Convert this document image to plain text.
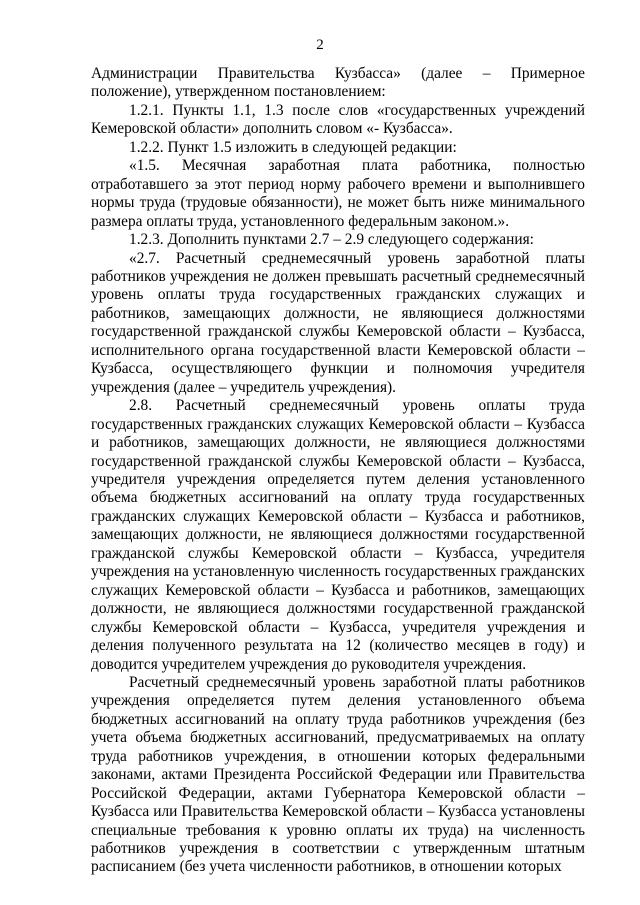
2

Администрации Правительства Кузбасса» (далее – Примерное положение), утвержденном постановлением:

1.2.1. Пункты 1.1, 1.3 после слов «государственных учреждений Кемеровской области» дополнить словом «- Кузбасса».

1.2.2. Пункт 1.5 изложить в следующей редакции:

«1.5. Месячная заработная плата работника, полностью отработавшего за этот период норму рабочего времени и выполнившего нормы труда (трудовые обязанности), не может быть ниже минимального размера оплаты труда, установленного федеральным законом.».

1.2.3. Дополнить пунктами 2.7 – 2.9 следующего содержания:

«2.7. Расчетный среднемесячный уровень заработной платы работников учреждения не должен превышать расчетный среднемесячный уровень оплаты труда государственных гражданских служащих и работников, замещающих должности, не являющиеся должностями государственной гражданской службы Кемеровской области – Кузбасса, исполнительного органа государственной власти Кемеровской области – Кузбасса, осуществляющего функции и полномочия учредителя учреждения (далее – учредитель учреждения).

2.8. Расчетный среднемесячный уровень оплаты труда государственных гражданских служащих Кемеровской области – Кузбасса и работников, замещающих должности, не являющиеся должностями государственной гражданской службы Кемеровской области – Кузбасса, учредителя учреждения определяется путем деления установленного объема бюджетных ассигнований на оплату труда государственных гражданских служащих Кемеровской области – Кузбасса и работников, замещающих должности, не являющиеся должностями государственной гражданской службы Кемеровской области – Кузбасса, учредителя учреждения на установленную численность государственных гражданских служащих Кемеровской области – Кузбасса и работников, замещающих должности, не являющиеся должностями государственной гражданской службы Кемеровской области – Кузбасса, учредителя учреждения и деления полученного результата на 12 (количество месяцев в году) и доводится учредителем учреждения до руководителя учреждения.

Расчетный среднемесячный уровень заработной платы работников учреждения определяется путем деления установленного объема бюджетных ассигнований на оплату труда работников учреждения (без учета объема бюджетных ассигнований, предусматриваемых на оплату труда работников учреждения, в отношении которых федеральными законами, актами Президента Российской Федерации или Правительства Российской Федерации, актами Губернатора Кемеровской области – Кузбасса или Правительства Кемеровской области – Кузбасса установлены специальные требования к уровню оплаты их труда) на численность работников учреждения в соответствии с утвержденным штатным расписанием (без учета численности работников, в отношении которых
